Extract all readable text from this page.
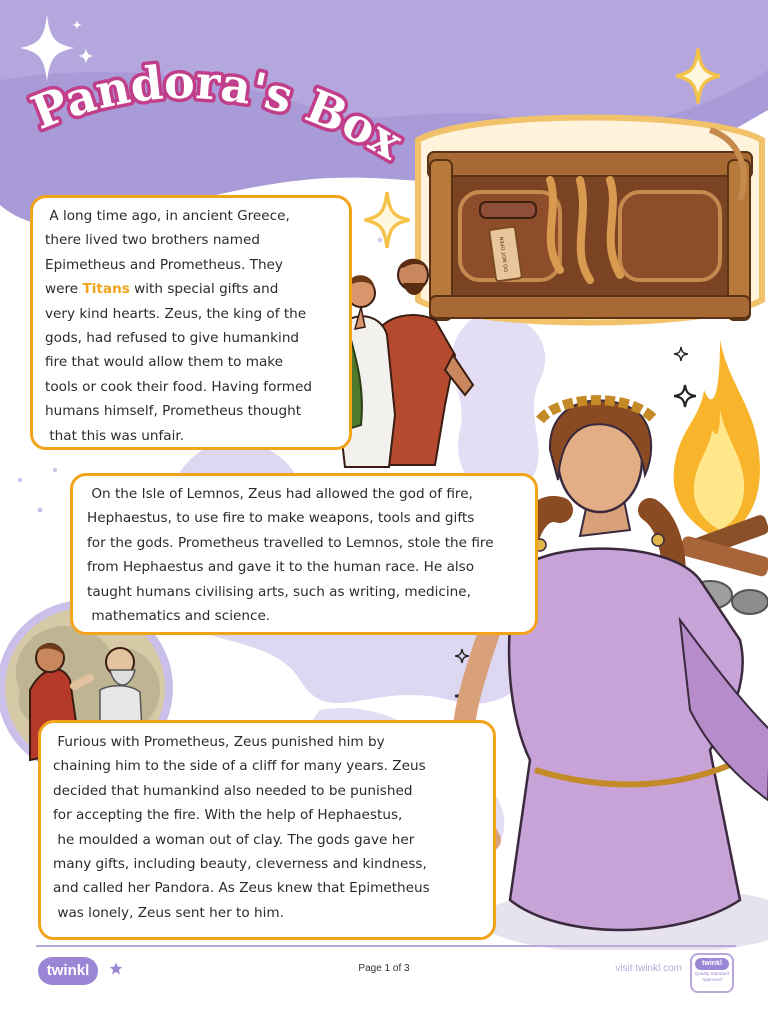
Pandora's Box
DO NOT OPEN

A long time ago, in ancient Greece,

there lived two brothers named

Epimetheus and Prometheus. They

were Titans with special gifts and

very kind hearts. Zeus, the king of the

gods, had refused to give humankind

fire that would allow them to make

tools or cook their food. Having formed

humans himself, Prometheus thought

that this was unfair.

On the Isle of Lemnos, Zeus had allowed the god of fire,

Hephaestus, to use fire to make weapons, tools and gifts

for the gods. Prometheus travelled to Lemnos, stole the fire

from Hephaestus and gave it to the human race. He also

taught humans civilising arts, such as writing, medicine,

mathematics and science.

Furious with Prometheus, Zeus punished him by

chaining him to the side of a cliff for many years. Zeus

decided that humankind also needed to be punished

for accepting the fire. With the help of Hephaestus,

he moulded a woman out of clay. The gods gave her

many gifts, including beauty, cleverness and kindness,

and called her Pandora. As Zeus knew that Epimetheus

was lonely, Zeus sent her to him.

twinkl	Page 1 of 3	visit twinkl.com	twinkl
Quality Standard Approved
